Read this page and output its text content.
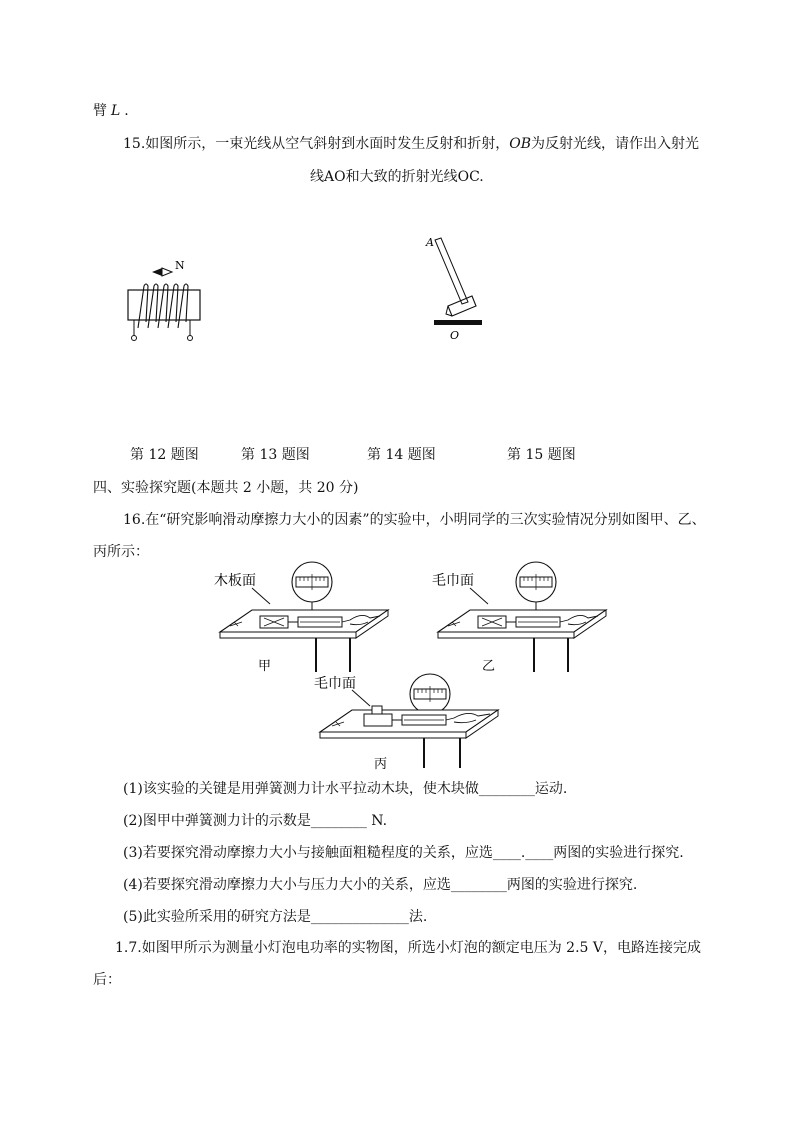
臂 L .
15.如图所示，一束光线从空气斜射到水面时发生反射和折射，OB为反射光线，请作出入射光
线AO和大致的折射光线OC.
N
A
O
第 12 题图	第 13 题图	第 14 题图	第 15 题图
四、实验探究题(本题共 2 小题，共 20 分)
16.在“研究影响滑动摩擦力大小的因素”的实验中，小明同学的三次实验情况分别如图甲、乙、
丙所示：
木板面
甲
毛巾面
乙
毛巾面
丙
(1)该实验的关键是用弹簧测力计水平拉动木块，使木块做________运动.
(2)图甲中弹簧测力计的示数是________ N.
(3)若要探究滑动摩擦力大小与接触面粗糙程度的关系，应选____.____两图的实验进行探究.
(4)若要探究滑动摩擦力大小与压力大小的关系，应选________两图的实验进行探究.
(5)此实验所采用的研究方法是______________法.
1.7.如图甲所示为测量小灯泡电功率的实物图，所选小灯泡的额定电压为 2.5 V，电路连接完成
后：
